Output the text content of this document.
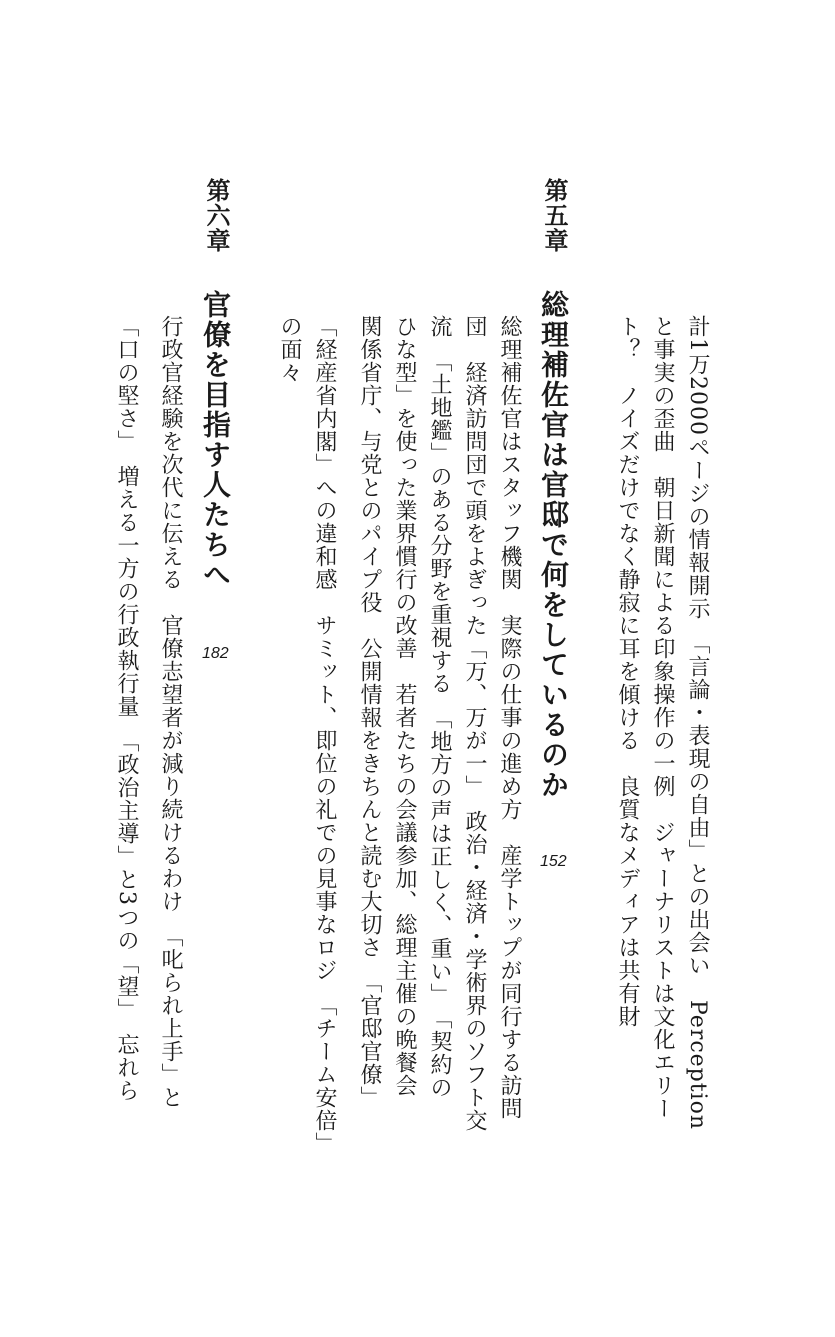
計1万2000ページの情報開示　「言論・表現の自由」との出会い　Perception
と事実の歪曲　朝日新聞による印象操作の一例　ジャーナリストは文化エリー
ト？　ノイズだけでなく静寂に耳を傾ける　良質なメディアは共有財
第五章
総理補佐官は官邸で何をしているのか
152
総理補佐官はスタッフ機関　実際の仕事の進め方　産学トップが同行する訪問
団　経済訪問団で頭をよぎった「万、万が一」　政治・経済・学術界のソフト交
流　「土地鑑」のある分野を重視する　「地方の声は正しく、重い」　「契約の
ひな型」を使った業界慣行の改善　若者たちの会議参加、総理主催の晩餐会
関係省庁、与党とのパイプ役　公開情報をきちんと読む大切さ　「官邸官僚」
「経産省内閣」への違和感　サミット、即位の礼での見事なロジ　「チーム安倍」
の面々
第六章
官僚を目指す人たちへ
182
行政官経験を次代に伝える　官僚志望者が減り続けるわけ　「叱られ上手」と
「口の堅さ」　増える一方の行政執行量　「政治主導」と3つの「望」　忘れら
